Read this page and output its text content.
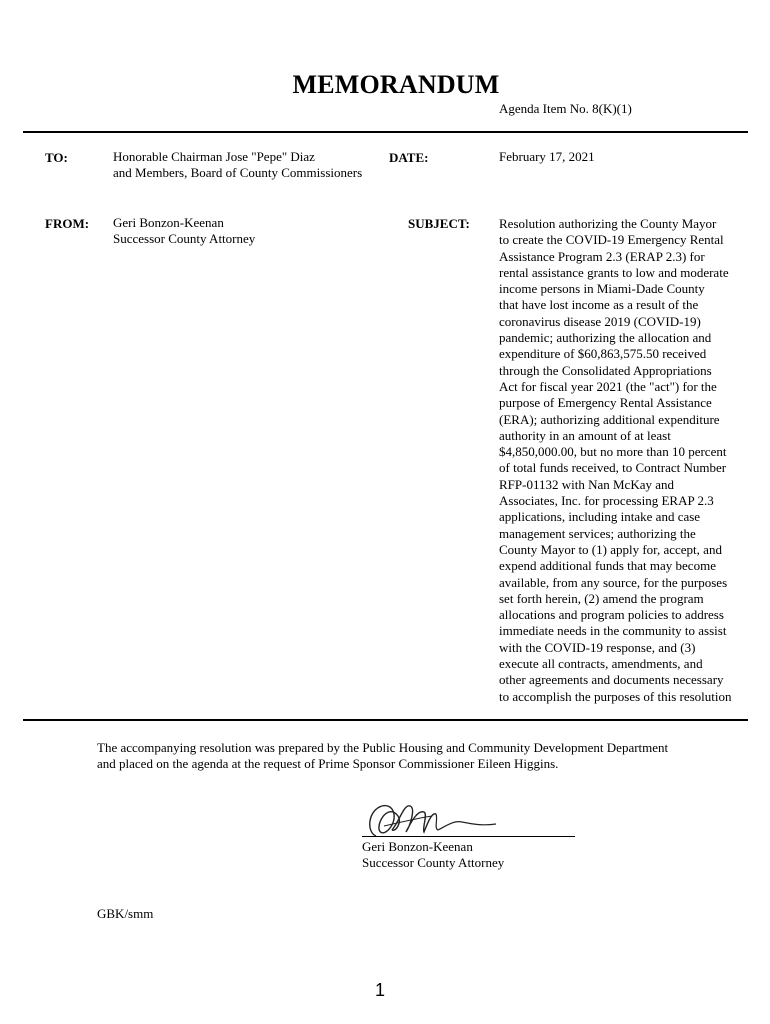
MEMORANDUM
Agenda Item No. 8(K)(1)
TO:	Honorable Chairman Jose "Pepe" Diaz
and Members, Board of County Commissioners
DATE:	February 17, 2021
FROM: Geri Bonzon-Keenan
Successor County Attorney
SUBJECT: Resolution authorizing the County Mayor
to create the COVID-19 Emergency Rental
Assistance Program 2.3 (ERAP 2.3) for
rental assistance grants to low and moderate
income persons in Miami-Dade County
that have lost income as a result of the
coronavirus disease 2019 (COVID-19)
pandemic; authorizing the allocation and
expenditure of $60,863,575.50 received
through the Consolidated Appropriations
Act for fiscal year 2021 (the "act") for the
purpose of Emergency Rental Assistance
(ERA); authorizing additional expenditure
authority in an amount of at least
$4,850,000.00, but no more than 10 percent
of total funds received, to Contract Number
RFP-01132 with Nan McKay and
Associates, Inc. for processing ERAP 2.3
applications, including intake and case
management services; authorizing the
County Mayor to (1) apply for, accept, and
expend additional funds that may become
available, from any source, for the purposes
set forth herein, (2) amend the program
allocations and program policies to address
immediate needs in the community to assist
with the COVID-19 response, and (3)
execute all contracts, amendments, and
other agreements and documents necessary
to accomplish the purposes of this resolution
The accompanying resolution was prepared by the Public Housing and Community Development Department
and placed on the agenda at the request of Prime Sponsor Commissioner Eileen Higgins.
Geri Bonzon-Keenan
Successor County Attorney
GBK/smm
1
